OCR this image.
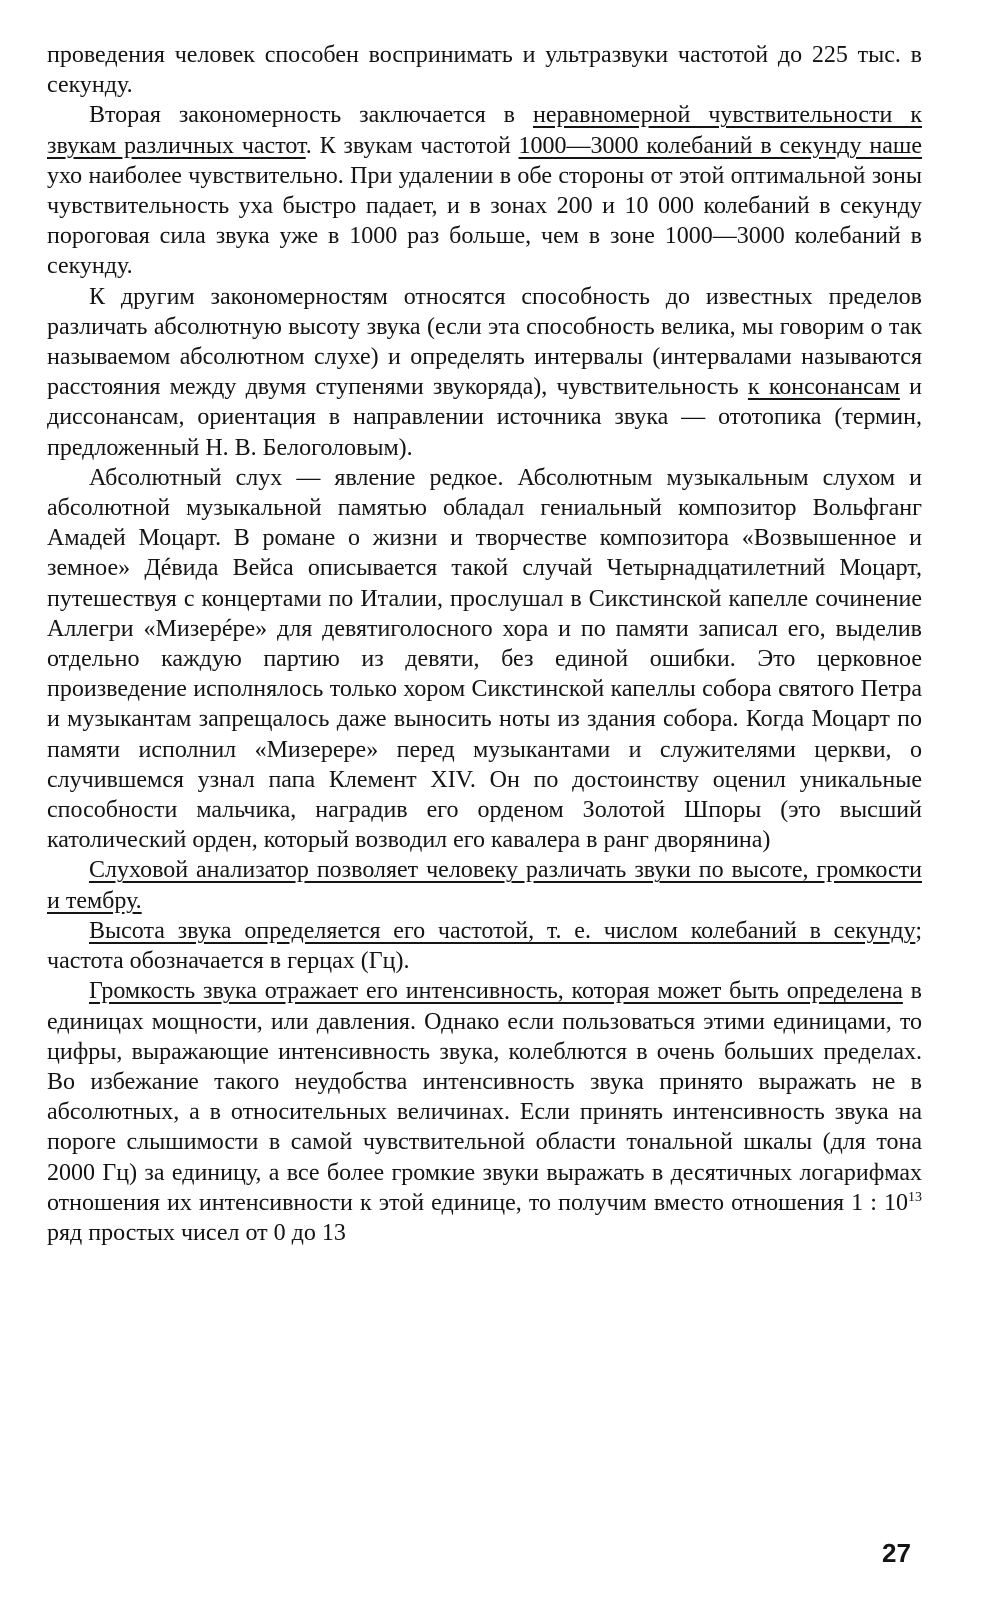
проведения человек способен воспринимать и ультразвуки частотой до 225 тыс. в секунду.

Вторая закономерность заключается в неравномерной чувствительности к звукам различных частот. К звукам частотой 1000—3000 колебаний в секунду наше ухо наиболее чувствительно. При удалении в обе стороны от этой оптимальной зоны чувствительность уха быстро падает, и в зонах 200 и 10 000 колебаний в секунду пороговая сила звука уже в 1000 раз больше, чем в зоне 1000—3000 колебаний в секунду.

К другим закономерностям относятся способность до известных пределов различать абсолютную высоту звука (если эта способность велика, мы говорим о так называемом абсолютном слухе) и определять интервалы (интервалами называются расстояния между двумя ступенями звукоряда), чувствительность к консонансам и диссонансам, ориентация в направлении источника звука — ототопика (термин, предложенный Н. В. Белоголовым).

Абсолютный слух — явление редкое. Абсолютным музыкальным слухом и абсолютной музыкальной памятью обладал гениальный композитор Вольфганг Амадей Моцарт. В романе о жизни и творчестве композитора «Возвышенное и земное» Дéвида Вейса описывается такой случай Четырнадцатилетний Моцарт, путешествуя с концертами по Италии, прослушал в Сикстинской капелле сочинение Аллегри «Мизерéре» для девятиголосного хора и по памяти записал его, выделив отдельно каждую партию из девяти, без единой ошибки. Это церковное произведение исполнялось только хором Сикстинской капеллы собора святого Петра и музыкантам запрещалось даже выносить ноты из здания собора. Когда Моцарт по памяти исполнил «Мизерере» перед музыкантами и служителями церкви, о случившемся узнал папа Клемент XIV. Он по достоинству оценил уникальные способности мальчика, наградив его орденом Золотой Шпоры (это высший католический орден, который возводил его кавалера в ранг дворянина)

Слуховой анализатор позволяет человеку различать звуки по высоте, громкости и тембру.

Высота звука определяется его частотой, т. е. числом колебаний в секунду; частота обозначается в герцах (Гц).

Громкость звука отражает его интенсивность, которая может быть определена в единицах мощности, или давления. Однако если пользоваться этими единицами, то цифры, выражающие интенсивность звука, колеблются в очень больших пределах. Во избежание такого неудобства интенсивность звука принято выражать не в абсолютных, а в относительных величинах. Если принять интенсивность звука на пороге слышимости в самой чувствительной области тональной шкалы (для тона 2000 Гц) за единицу, а все более громкие звуки выражать в десятичных логарифмах отношения их интенсивности к этой единице, то получим вместо отношения 1 : $10^{13}$ ряд простых чисел от 0 до 13

27
